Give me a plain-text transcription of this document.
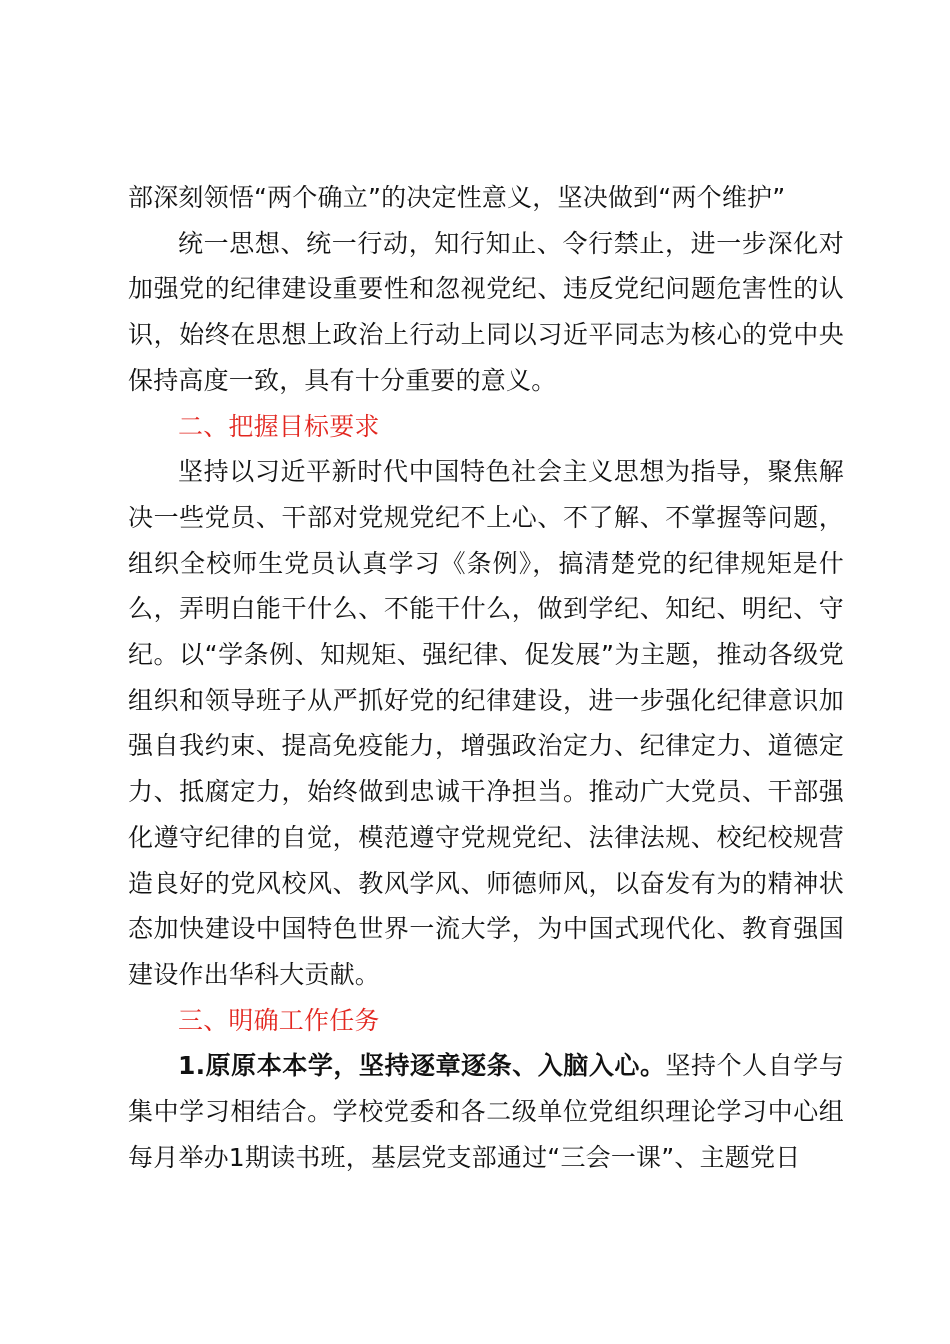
部深刻领悟“两个确立”的决定性意义，坚决做到“两个维护”

统一思想、统一行动，知行知止、令行禁止，进一步深化对加强党的纪律建设重要性和忽视党纪、违反党纪问题危害性的认识，始终在思想上政治上行动上同以习近平同志为核心的党中央保持高度一致，具有十分重要的意义。

二、把握目标要求

坚持以习近平新时代中国特色社会主义思想为指导，聚焦解决一些党员、干部对党规党纪不上心、不了解、不掌握等问题，组织全校师生党员认真学习《条例》，搞清楚党的纪律规矩是什么，弄明白能干什么、不能干什么，做到学纪、知纪、明纪、守纪。以“学条例、知规矩、强纪律、促发展”为主题，推动各级党组织和领导班子从严抓好党的纪律建设，进一步强化纪律意识加强自我约束、提高免疫能力，增强政治定力、纪律定力、道德定力、抵腐定力，始终做到忠诚干净担当。推动广大党员、干部强化遵守纪律的自觉，模范遵守党规党纪、法律法规、校纪校规营造良好的党风校风、教风学风、师德师风，以奋发有为的精神状态加快建设中国特色世界一流大学，为中国式现代化、教育强国建设作出华科大贡献。

三、明确工作任务

1.原原本本学，坚持逐章逐条、入脑入心。坚持个人自学与集中学习相结合。学校党委和各二级单位党组织理论学习中心组每月举办1期读书班，基层党支部通过“三会一课”、主题党日
